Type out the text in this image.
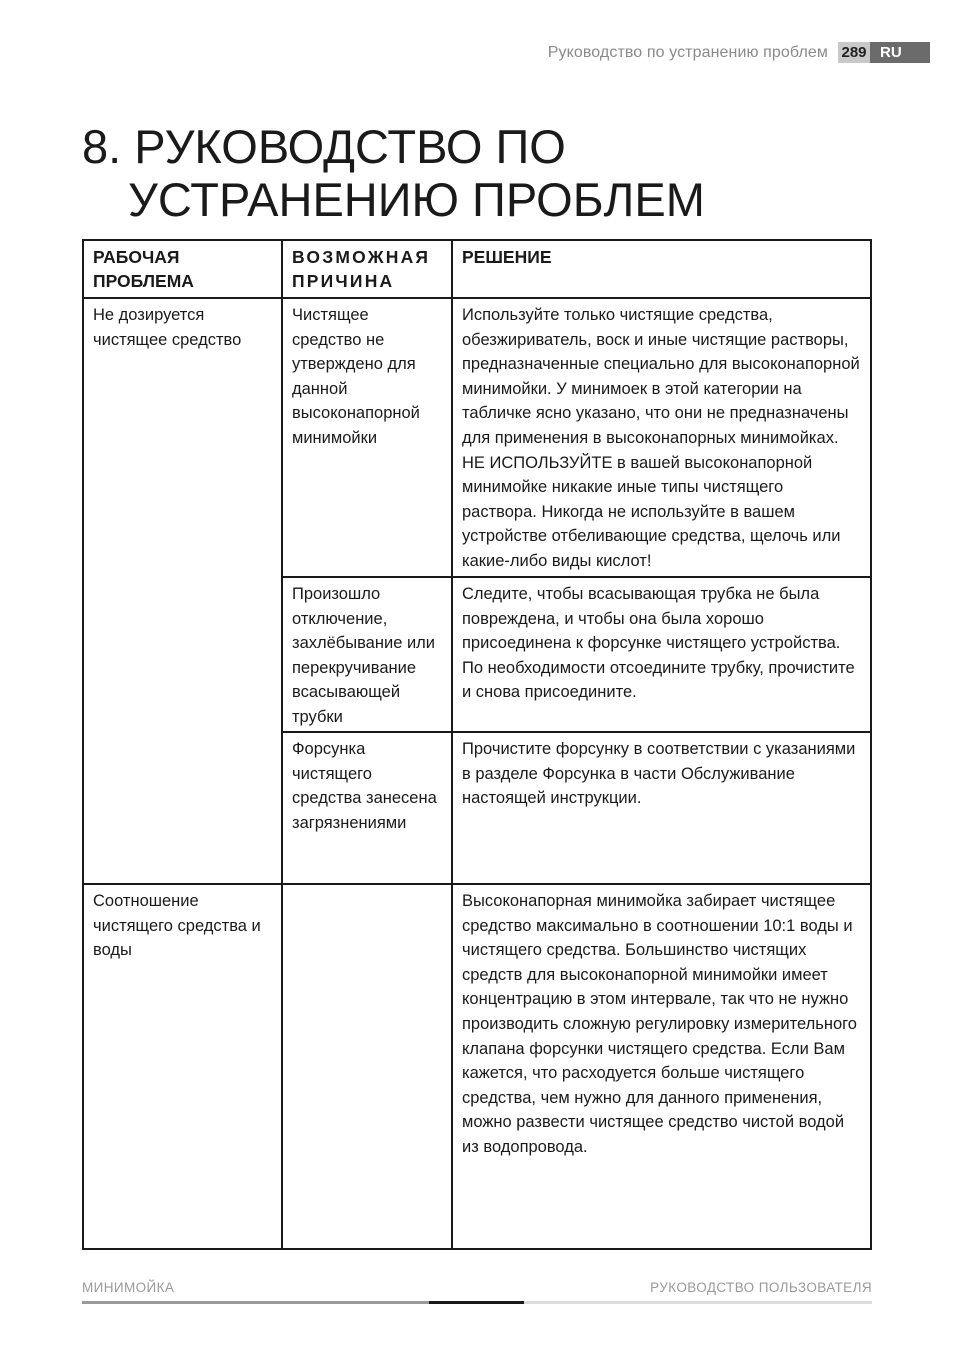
Руководство по устранению проблем 289 RU
8. РУКОВОДСТВО ПО
УСТРАНЕНИЮ ПРОБЛЕМ
РАБОЧАЯ ПРОБЛЕМА	ВОЗМОЖНАЯ ПРИЧИНА	РЕШЕНИЕ
Не дозируется чистящее средство	Чистящее средство не утверждено для данной высоконапорной минимойки	Используйте только чистящие средства, обезжириватель, воск и иные чистящие растворы, предназначенные специально для высоконапорной минимойки. У минимоек в этой категории на табличке ясно указано, что они не предназначены для применения в высоконапорных минимойках. НЕ ИСПОЛЬЗУЙТЕ в вашей высоконапорной минимойке никакие иные типы чистящего раствора. Никогда не используйте в вашем устройстве отбеливающие средства, щелочь или какие-либо виды кислот!
	Произошло отключение, захлёбывание или перекручивание всасывающей трубки	Следите, чтобы всасывающая трубка не была повреждена, и чтобы она была хорошо присоединена к форсунке чистящего устройства. По необходимости отсоедините трубку, прочистите и снова присоедините.
	Форсунка чистящего средства занесена загрязнениями	Прочистите форсунку в соответствии с указаниями в разделе Форсунка в части Обслуживание настоящей инструкции.
Соотношение чистящего средства и воды		Высоконапорная минимойка забирает чистящее средство максимально в соотношении 10:1 воды и чистящего средства. Большинство чистящих средств для высоконапорной минимойки имеет концентрацию в этом интервале, так что не нужно производить сложную регулировку измерительного клапана форсунки чистящего средства. Если Вам кажется, что расходуется больше чистящего средства, чем нужно для данного применения, можно развести чистящее средство чистой водой из водопровода.
МИНИМОЙКА	РУКОВОДСТВО ПОЛЬЗОВАТЕЛЯ
